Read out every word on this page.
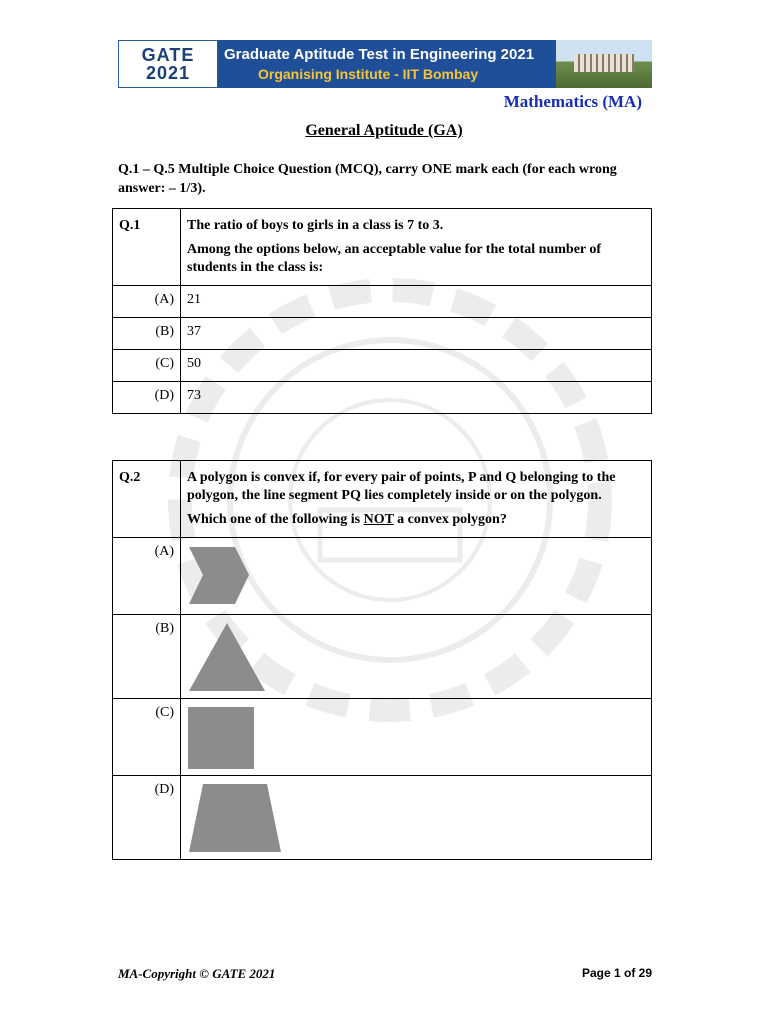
GATE
2021
Graduate Aptitude Test in Engineering 2021
Organising Institute - IIT Bombay
Mathematics (MA)
General Aptitude (GA)
Q.1 – Q.5 Multiple Choice Question (MCQ), carry ONE mark each (for each wrong answer: – 1/3).
Q.1	The ratio of boys to girls in a class is 7 to 3.

Among the options below, an acceptable value for the total number of students in the class is:

(A)	21
(B)	37
(C)	50
(D)	73
Q.2	A polygon is convex if, for every pair of points, P and Q belonging to the polygon, the line segment PQ lies completely inside or on the polygon.

Which one of the following is NOT a convex polygon?

(A)	

(B)	

(C)	

(D)	
MA-Copyright © GATE 2021	Page 1 of 29
